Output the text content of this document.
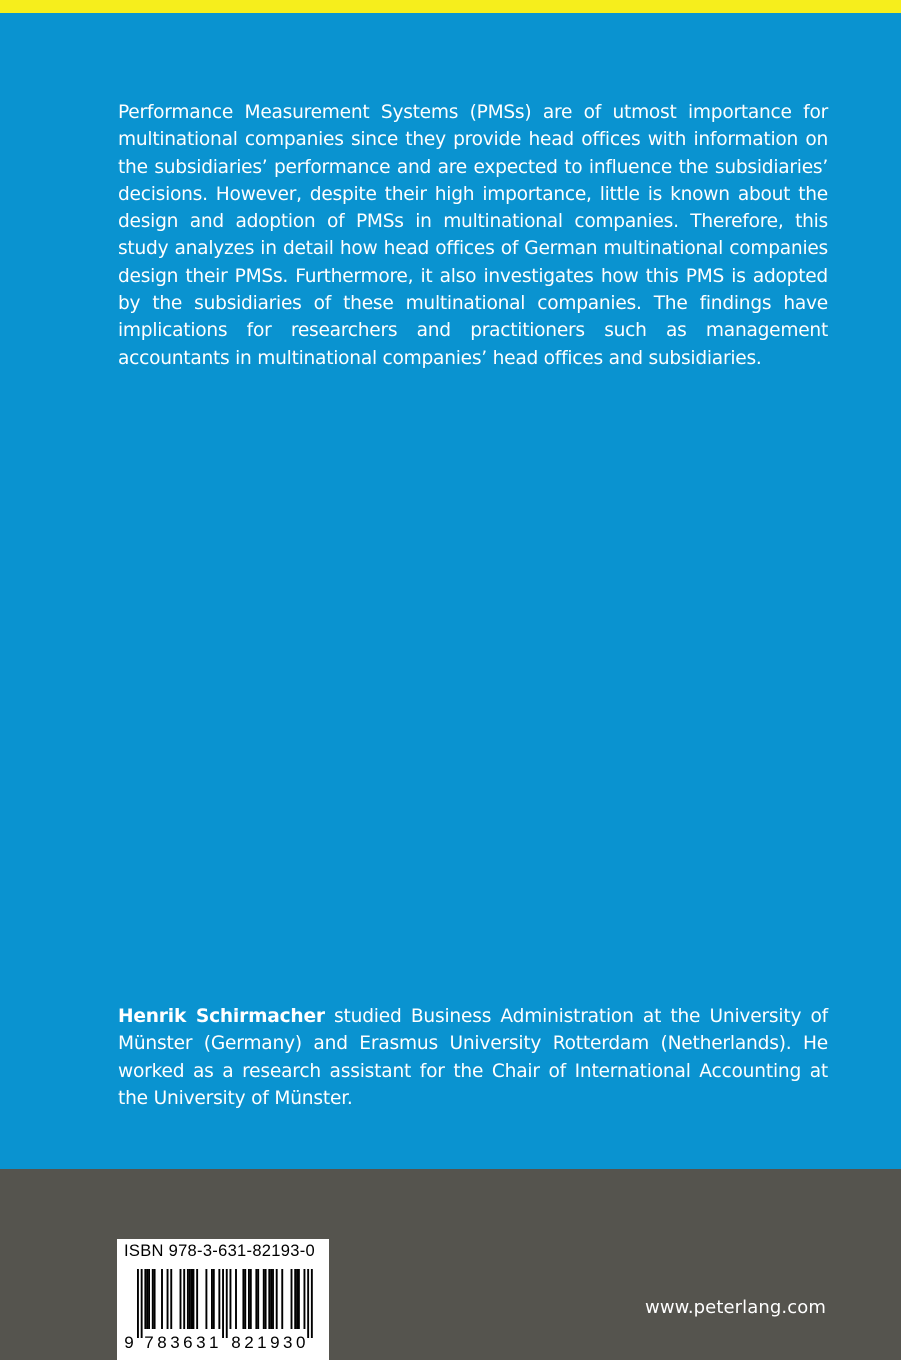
Performance Measurement Systems (PMSs) are of utmost importance for multinational companies since they provide head offices with information on the subsidiaries’ performance and are expected to influence the subsidiaries’ decisions. However, despite their high importance, little is known about the design and adoption of PMSs in multinational companies. Therefore, this study analyzes in detail how head offices of German multinational companies design their PMSs. Furthermore, it also investigates how this PMS is adopted by the subsidiaries of these multinational companies. The findings have implications for researchers and practitioners such as management accountants in multinational companies’ head offices and subsidiaries.

Henrik Schirmacher studied Business Administration at the University of Münster (Germany) and Erasmus University Rotterdam (Netherlands). He worked as a research assistant for the Chair of International Accounting at the University of Münster.

9 7 8 3 6 3 1 8 2 1 9 3 0
ISBN 978-3-631-82193-0
www.peterlang.com
